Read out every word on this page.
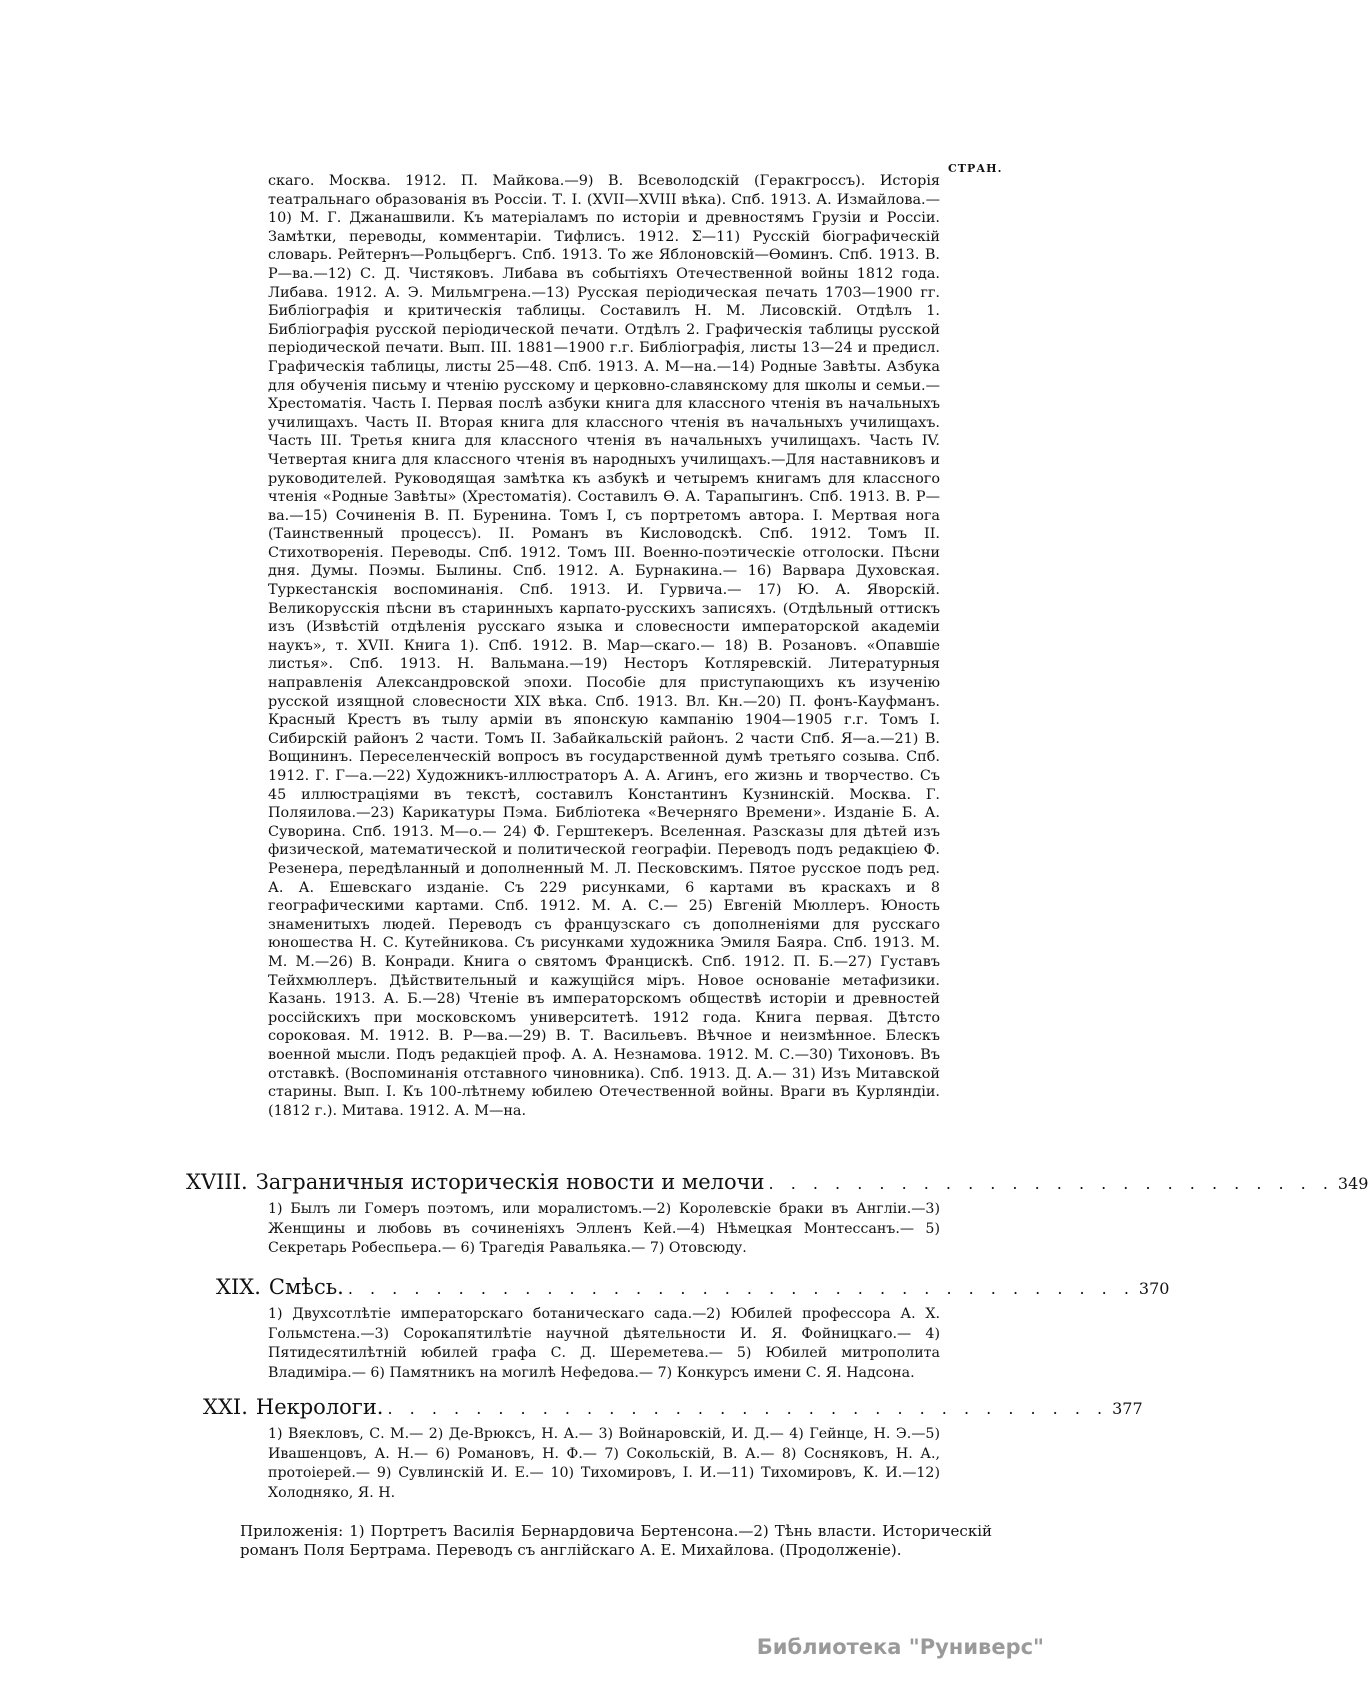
СТРАН.
скаго. Москва. 1912. П. Майкова.—9) В. Всеволодскій (Геракгроссъ). Исторія театральнаго образованія въ Россіи. Т. І. (XVII—XVIII вѣка). Спб. 1913. А. Измайлова.—10) М. Г. Джанашвили. Къ матеріаламъ по исторіи и древностямъ Грузіи и Россіи. Замѣтки, переводы, комментаріи. Тифлисъ. 1912. Σ—11) Русскій біографическій словарь. Рейтернъ—Рольцбергъ. Спб. 1913. То же Яблоновскій—Ѳоминъ. Спб. 1913. В. Р—ва.—12) С. Д. Чистяковъ. Либава въ событіяхъ Отечественной войны 1812 года. Либава. 1912. А. Э. Мильмгрена.—13) Русская періодическая печать 1703—1900 гг. Библіографія и критическія таблицы. Составилъ Н. М. Лисовскій. Отдѣлъ 1. Библіографія русской періодической печати. Отдѣлъ 2. Графическія таблицы русской періодической печати. Вып. III. 1881—1900 г.г. Библіографія, листы 13—24 и предисл. Графическія таблицы, листы 25—48. Спб. 1913. А. М—на.—14) Родные Завѣты. Азбука для обученія письму и чтенію русскому и церковно-славянскому для школы и семьи.— Хрестоматія. Часть I. Первая послѣ азбуки книга для классного чтенія въ начальныхъ училищахъ. Часть II. Вторая книга для классного чтенія въ начальныхъ училищахъ. Часть III. Третья книга для классного чтенія въ начальныхъ училищахъ. Часть IV. Четвертая книга для классного чтенія въ народныхъ училищахъ.—Для наставниковъ и руководителей. Руководящая замѣтка къ азбукѣ и четыремъ книгамъ для классного чтенія «Родные Завѣты» (Хрестоматія). Составилъ Ѳ. А. Тарапыгинъ. Спб. 1913. В. Р—ва.—15) Сочиненія В. П. Буренина. Томъ I, съ портретомъ автора. I. Мертвая нога (Таинственный процессъ). II. Романъ въ Кисловодскѣ. Спб. 1912. Томъ II. Стихотворенія. Переводы. Спб. 1912. Томъ III. Военно-поэтическіе отголоски. Пѣсни дня. Думы. Поэмы. Былины. Спб. 1912. А. Бурнакина.— 16) Варвара Духовская. Туркестанскія воспоминанія. Спб. 1913. И. Гурвича.— 17) Ю. А. Яворскій. Великорусскія пѣсни въ старинныхъ карпато-русскихъ записяхъ. (Отдѣльный оттискъ изъ (Извѣстій отдѣленія русскаго языка и словесности императорской академіи наукъ», т. XVII. Книга 1). Спб. 1912. В. Мар—скаго.— 18) В. Розановъ. «Опавшіе листья». Спб. 1913. Н. Вальмана.—19) Несторъ Котляревскій. Литературныя направленія Александровской эпохи. Пособіе для приступающихъ къ изученію русской изящной словесности XIX вѣка. Спб. 1913. Вл. Кн.—20) П. фонъ-Кауфманъ. Красный Крестъ въ тылу арміи въ японскую кампанію 1904—1905 г.г. Томъ I. Сибирскій районъ 2 части. Томъ II. Забайкальскій районъ. 2 части Спб. Я—а.—21) В. Вощининъ. Переселенческій вопросъ въ государственной думѣ третьяго созыва. Спб. 1912. Г. Г—а.—22) Художникъ-иллюстраторъ А. А. Агинъ, его жизнь и творчество. Съ 45 иллюстраціями въ текстѣ, составилъ Константинъ Кузнинскій. Москва. Г. Поляилова.—23) Карикатуры Пэма. Библіотека «Вечерняго Времени». Изданіе Б. А. Суворина. Спб. 1913. М—о.— 24) Ф. Герштекеръ. Вселенная. Разсказы для дѣтей изъ физической, математической и политической географіи. Переводъ подъ редакціею Ф. Резенера, передѣланный и дополненный М. Л. Песковскимъ. Пятое русское подъ ред. А. А. Ешевскаго изданіе. Съ 229 рисунками, 6 картами въ краскахъ и 8 географическими картами. Спб. 1912. М. А. С.— 25) Евгеній Мюллеръ. Юность знаменитыхъ людей. Переводъ съ французскаго съ дополненіями для русскаго юношества Н. С. Кутейникова. Съ рисунками художника Эмиля Баяра. Спб. 1913. М. М. М.—26) В. Конради. Книга о святомъ Францискѣ. Спб. 1912. П. Б.—27) Густавъ Тейхмюллеръ. Дѣйствительный и кажущійся міръ. Новое основаніе метафизики. Казань. 1913. А. Б.—28) Чтеніе въ императорскомъ обществѣ исторіи и древностей россійскихъ при московскомъ университетѣ. 1912 года. Книга первая. Дѣтсто сороковая. М. 1912. В. Р—ва.—29) В. Т. Васильевъ. Вѣчное и неизмѣнное. Блескъ военной мысли. Подъ редакціей проф. А. А. Незнамова. 1912. М. С.—30) Тихоновъ. Въ отставкѣ. (Воспоминанія отставного чиновника). Спб. 1913. Д. А.— 31) Изъ Митавской старины. Вып. I. Къ 100-лѣтнему юбилею Отечественной войны. Враги въ Курляндіи. (1812 г.). Митава. 1912. А. М—на.
XVIII. Заграничныя историческія новости и мелочи . . . . . . . . . . . . . . . . . . . . . . . . . . 349
1) Былъ ли Гомеръ поэтомъ, или моралистомъ.—2) Королевскіе браки въ Англіи.—3) Женщины и любовь въ сочиненіяхъ Элленъ Кей.—4) Нѣмецкая Монтессанъ.— 5) Секретарь Робеспьера.— 6) Трагедія Равальяка.— 7) Отовсюду.
XIX. Смѣсь. . . . . . . . . . . . . . . . . . . . . . . . . . . . . . . . . . . . . 370
1) Двухсотлѣтіе императорскаго ботаническаго сада.—2) Юбилей профессора А. Х. Гольмстена.—3) Сорокапятилѣтіе научной дѣятельности И. Я. Фойницкаго.— 4) Пятидесятилѣтній юбилей графа С. Д. Шереметева.— 5) Юбилей митрополита Владиміра.— 6) Памятникъ на могилѣ Нефедова.— 7) Конкурсъ имени С. Я. Надсона.
XXI. Некрологи. . . . . . . . . . . . . . . . . . . . . . . . . . . . . . . . . . 377
1) Вяекловъ, С. М.— 2) Де-Врюксъ, Н. А.— 3) Войнаровскій, И. Д.— 4) Гейнце, Н. Э.—5) Ивашенцовъ, А. Н.— 6) Романовъ, Н. Ф.— 7) Сокольскій, В. А.— 8) Сосняковъ, Н. А., протоіерей.— 9) Сувлинскій И. Е.— 10) Тихомировъ, І. И.—11) Тихомировъ, К. И.—12) Холодняко, Я. Н.
Приложенія: 1) Портретъ Василія Бернардовича Бертенсона.—2) Тѣнь власти. Историческій романъ Поля Бертрама. Переводъ съ англійскаго А. Е. Михайлова. (Продолженіе).
Библиотека "Руниверс"
